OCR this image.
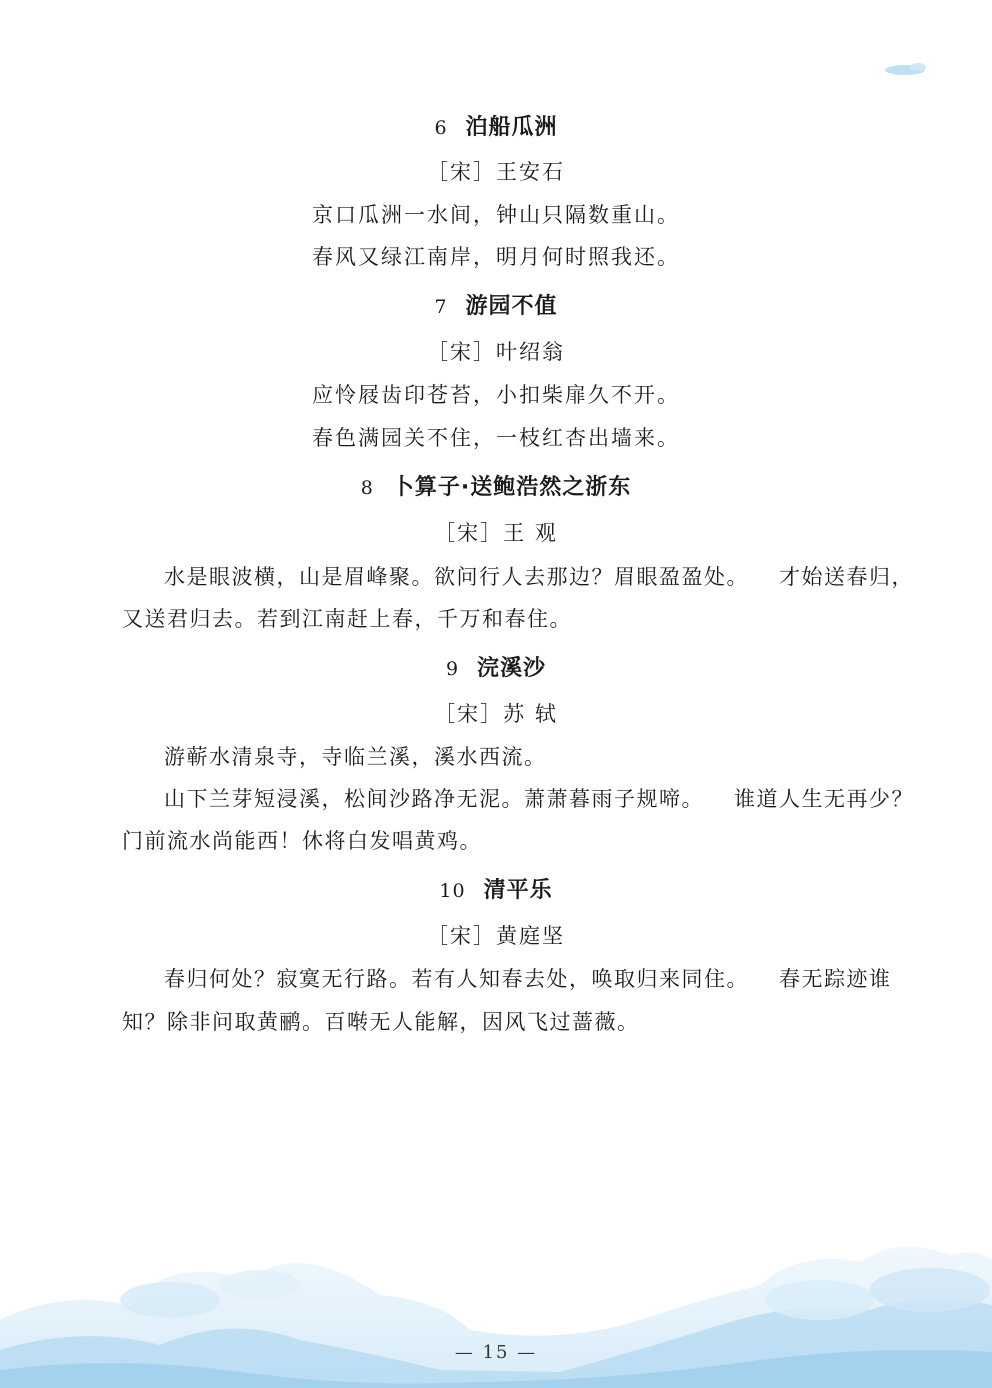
6 泊船瓜洲
［宋］王安石
京口瓜洲一水间，钟山只隔数重山。
春风又绿江南岸，明月何时照我还。
7 游园不值
［宋］叶绍翁
应怜屐齿印苍苔，小扣柴扉久不开。
春色满园关不住，一枝红杏出墙来。
8 卜算子·送鲍浩然之浙东
［宋］王 观
水是眼波横，山是眉峰聚。欲问行人去那边？眉眼盈盈处。 才始送春归，
又送君归去。若到江南赶上春，千万和春住。
9 浣溪沙
［宋］苏 轼
游蕲水清泉寺，寺临兰溪，溪水西流。
山下兰芽短浸溪，松间沙路净无泥。萧萧暮雨子规啼。 谁道人生无再少？
门前流水尚能西！休将白发唱黄鸡。
10 清平乐
［宋］黄庭坚
春归何处？寂寞无行路。若有人知春去处，唤取归来同住。 春无踪迹谁
知？除非问取黄鹂。百啭无人能解，因风飞过蔷薇。
— 15 —
